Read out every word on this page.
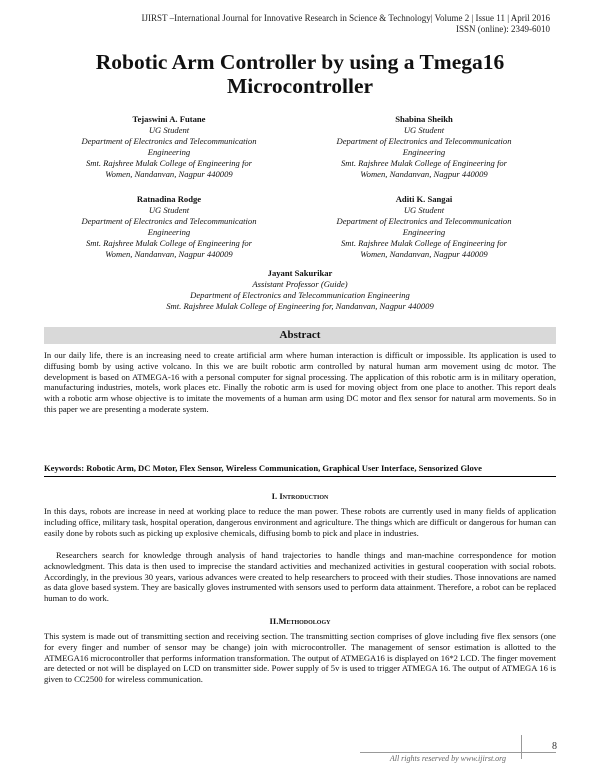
IJIRST –International Journal for Innovative Research in Science & Technology| Volume 2 | Issue 11 | April 2016
ISSN (online): 2349-6010
Robotic Arm Controller by using a Tmega16
Microcontroller
Tejaswini A. Futane
UG Student
Department of Electronics and Telecommunication
Engineering
Smt. Rajshree Mulak College of Engineering for
Women, Nandanvan, Nagpur 440009
Shabina Sheikh
UG Student
Department of Electronics and Telecommunication
Engineering
Smt. Rajshree Mulak College of Engineering for
Women, Nandanvan, Nagpur 440009
Ratnadina Rodge
UG Student
Department of Electronics and Telecommunication
Engineering
Smt. Rajshree Mulak College of Engineering for
Women, Nandanvan, Nagpur 440009
Aditi K. Sangai
UG Student
Department of Electronics and Telecommunication
Engineering
Smt. Rajshree Mulak College of Engineering for
Women, Nandanvan, Nagpur 440009
Jayant Sakurikar
Assistant Professor (Guide)
Department of Electronics and Telecommunication Engineering
Smt. Rajshree Mulak College of Engineering for, Nandanvan, Nagpur 440009
Abstract
In our daily life, there is an increasing need to create artificial arm where human interaction is difficult or impossible. Its application is used to diffusing bomb by using active volcano. In this we are built robotic arm controlled by natural human arm movement using dc motor. The development is based on ATMEGA-16 with a personal computer for signal processing. The application of this robotic arm is in military operation, manufacturing industries, motels, work places etc. Finally the robotic arm is used for moving object from one place to another. This report deals with a robotic arm whose objective is to imitate the movements of a human arm using DC motor and flex sensor for natural arm movements. So in this paper we are presenting a moderate system.
Keywords: Robotic Arm, DC Motor, Flex Sensor, Wireless Communication, Graphical User Interface, Sensorized Glove
I. Introduction
In this days, robots are increase in need at working place to reduce the man power. These robots are currently used in many fields of application including office, military task, hospital operation, dangerous environment and agriculture. The things which are difficult or dangerous for human can easily done by robots such as picking up explosive chemicals, diffusing bomb to pick and place in industries.
Researchers search for knowledge through analysis of hand trajectories to handle things and man-machine correspondence for motion acknowledgment. This data is then used to imprecise the standard activities and mechanized activities in gestural cooperation with social robots. Accordingly, in the previous 30 years, various advances were created to help researchers to proceed with their studies. Those innovations are named as data glove based system. They are basically gloves instrumented with sensors used to perform data attainment. Therefore, a robot can be replaced human to do work.
II.Methodology
This system is made out of transmitting section and receiving section. The transmitting section comprises of glove including five flex sensors (one for every finger and number of sensor may be change) join with microcontroller. The management of sensor estimation is allotted to the ATMEGA16 microcontroller that performs information transformation. The output of ATMEGA16 is displayed on 16*2 LCD. The finger movement are detected or not will be displayed on LCD on transmitter side. Power supply of 5v is used to trigger ATMEGA 16. The output of ATMEGA 16 is given to CC2500 for wireless communication.
All rights reserved by www.ijirst.org
8
